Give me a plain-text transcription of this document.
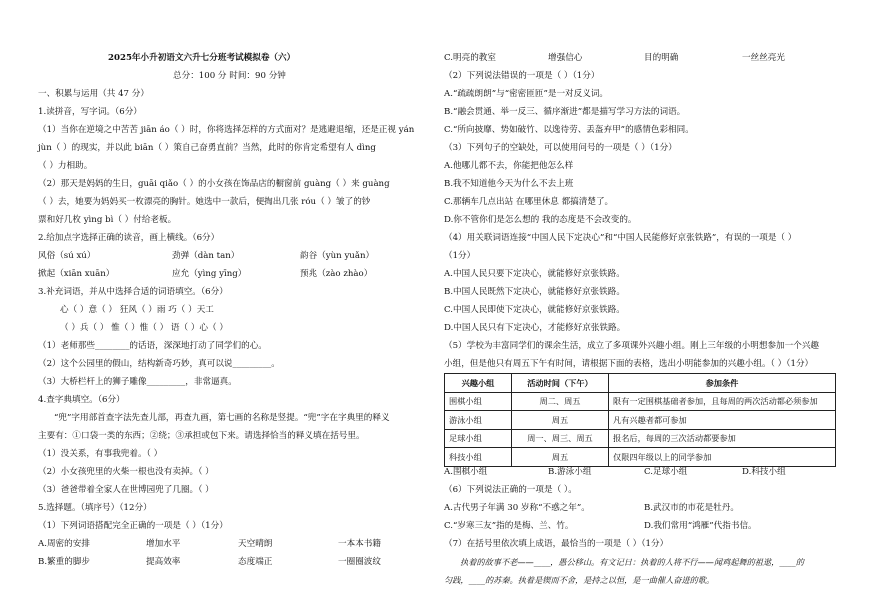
2025年小升初语文六升七分班考试模拟卷（六）
总分：100 分 时间：90 分钟
一、积累与运用（共 47 分）
1.读拼音，写字词。（6分）
（1）当你在逆境之中苦苦 jiān áo（ ）时，你将选择怎样的方式面对？是逃避退缩，还是正视 yán
jùn（ ）的现实，并以此 biān（ ）策自己奋勇直前？当然，此时的你肯定希望有人 dìng
（ ）力相助。
（2）那天是妈妈的生日，guāi qiǎo（ ）的小女孩在饰品店的橱窗前 guàng（ ）来 guàng
（ ）去，她要为妈妈买一枚漂亮的胸针。她选中一款后，便掏出几张 róu（ ）皱了的钞
票和好几枚 yìng bì（ ）付给老板。
2.给加点字选择正确的读音，画上横线。（6分）
风俗（sú xú）	劲弹（dàn tan）	韵谷（yùn yuǎn）
掀起（xiān xuān）	应允（yìng yīng）	预兆（zào zhào）
3.补充词语，并从中选择合适的词语填空。（6分）
心（ ）意（ ） 狂风（ ）雨 巧（ ）天工
（ ）兵（ ） 惟（ ）惟（ ） 语（ ）心（ ）
（1）老师那些________的话语，深深地打动了同学们的心。
（2）这个公园里的假山，结构新奇巧妙，真可以说_________。
（3）大桥栏杆上的狮子雕像_________，非常逼真。
4.查字典填空。（6分）
“兜”字用部首查字法先查儿部，再查九画，第七画的名称是竖提。“兜”字在字典里的释义
主要有：①口袋一类的东西；②绕；③承担或包下来。请选择恰当的释义填在括号里。
（1）没关系，有事我兜着。（ ）
（2）小女孩兜里的火柴一根也没有卖掉。（ ）
（3）爸爸带着全家人在世博园兜了几圈。（ ）
5.选择题。（填序号）（12分）
（1）下列词语搭配完全正确的一项是（ ）（1分）
A.周密的安排	增加水平	天空晴朗	一本本书籍
B.繁重的脚步	提高效率	态度端正	一圈圈波纹
C.明亮的教室	增强信心	目的明确	一丝丝亮光
（2）下列说法错误的一项是（ ）（1分）
A.“疏疏朗朗”与“密密匝匝”是一对反义词。
B.“融会贯通、举一反三、循序渐进”都是描写学习方法的词语。
C.“所向披靡、势如破竹、以逸待劳、丢盔弃甲”的感情色彩相同。
（3）下列句子的空缺处，可以使用问号的一项是（ ）（1分）
A.他哪儿都不去，你能把他怎么样
B.我不知道他今天为什么不去上班
C.那辆车几点出站 在哪里休息 都搞清楚了。
D.你不管你们是怎么想的 我的态度是不会改变的。
（4）用关联词语连接“中国人民下定决心”和“中国人民能修好京张铁路”，有误的一项是（ ）
（1分）
A.中国人民只要下定决心，就能修好京张铁路。
B.中国人民既然下定决心，就能修好京张铁路。
C.中国人民即使下定决心，就能修好京张铁路。
D.中国人民只有下定决心，才能修好京张铁路。
（5）学校为丰富同学们的课余生活，成立了多项课外兴趣小组。刚上三年级的小明想参加一个兴趣
小组，但是他只有周五下午有时间，请根据下面的表格，选出小明能参加的兴趣小组。（ ）（1分）
兴趣小组	活动时间（下午）	参加条件
围棋小组	周二、周五	限有一定围棋基础者参加，且每周的两次活动都必须参加
游泳小组	周五	凡有兴趣者都可参加
足球小组	周一、周三、周五	报名后，每周的三次活动都要参加
科技小组	周五	仅限四年级以上的同学参加
A.围棋小组	B.游泳小组	C.足球小组	D.科技小组
（6）下列说法正确的一项是（ ）。
A.古代男子年满 30 岁称“不惑之年”。	B.武汉市的市花是牡丹。
C.“岁寒三友”指的是梅、兰、竹。	D.我们常用“鸿雁”代指书信。
（7）在括号里依次填上成语，最恰当的一项是（ ）（1分）
执着的故事不老——____，愚公移山。有文记日：执着的人将不行——闻鸡起舞的祖逖，____的
匀践，____的苏秦。执着是锲而不舍，是持之以恒，是一曲催人奋进的歌。
